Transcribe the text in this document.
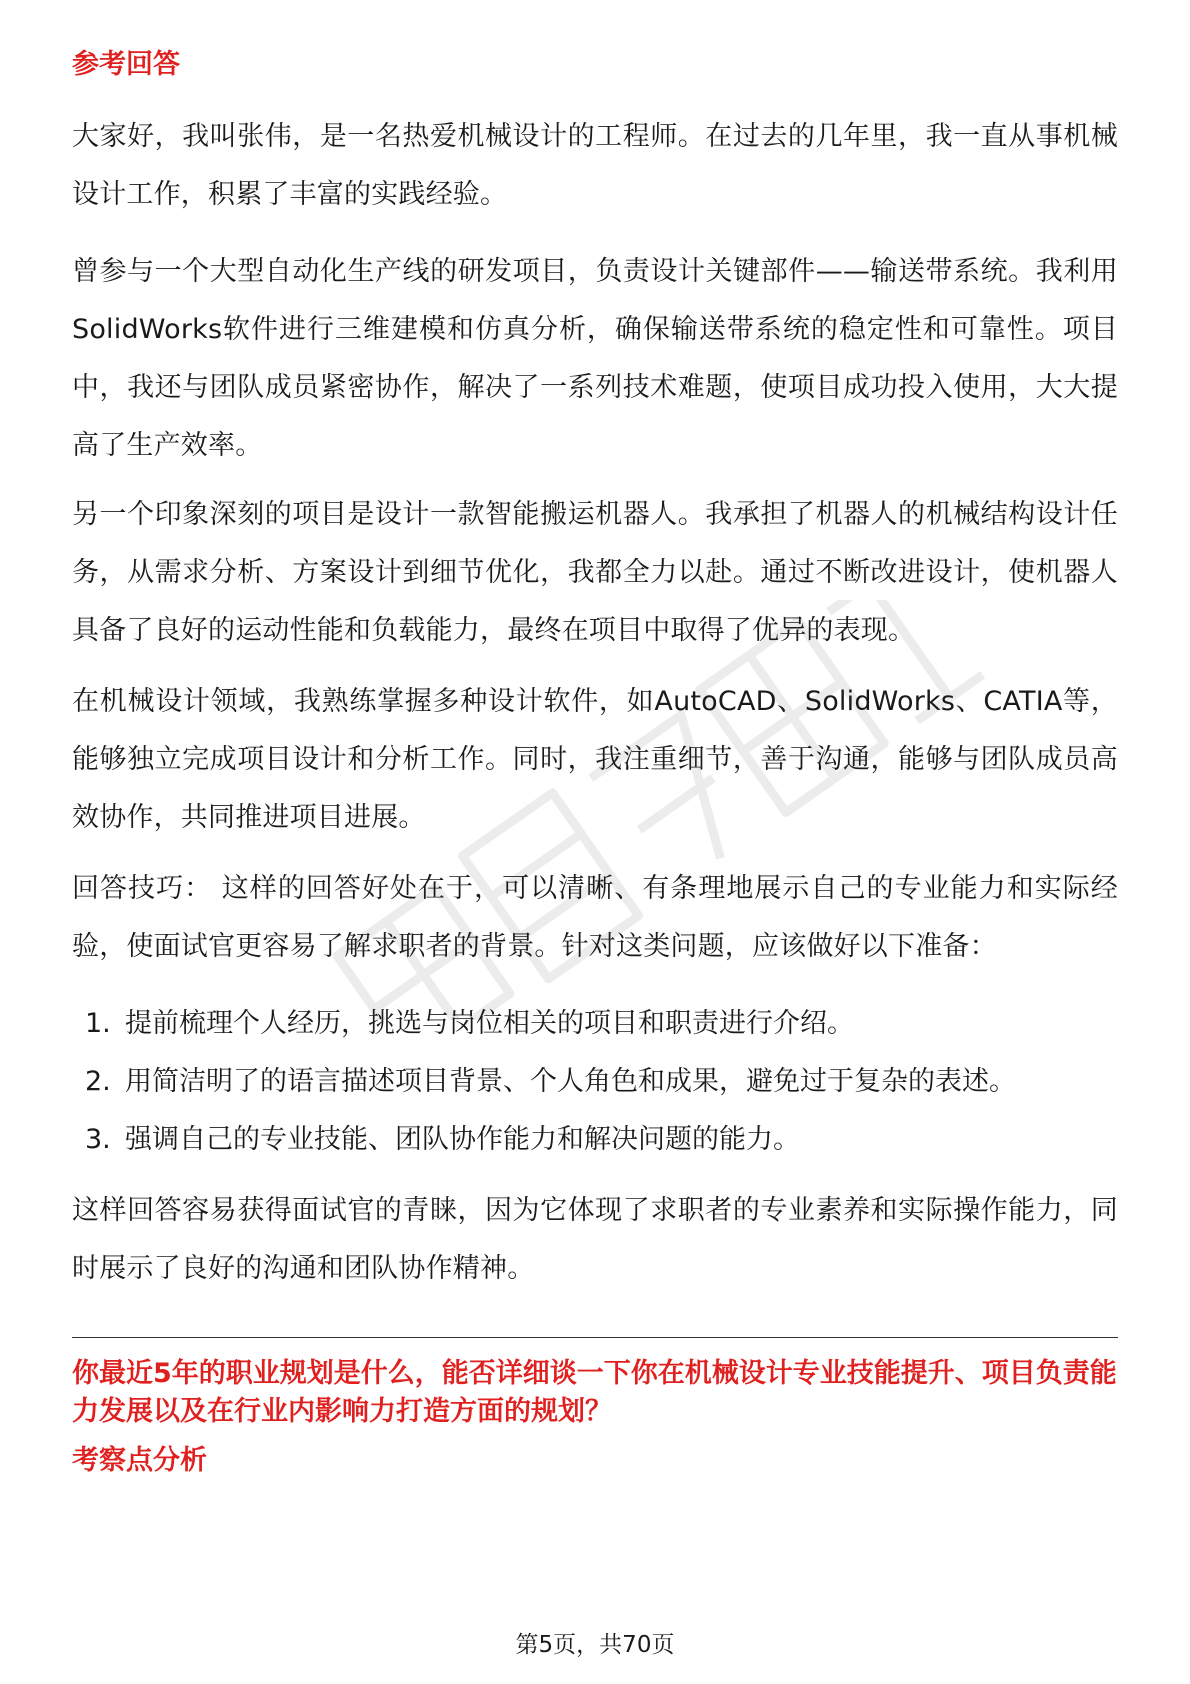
参考回答
大家好，我叫张伟，是一名热爱机械设计的工程师。在过去的几年里，我一直从事机械设计工作，积累了丰富的实践经验。
曾参与一个大型自动化生产线的研发项目，负责设计关键部件——输送带系统。我利用SolidWorks软件进行三维建模和仿真分析，确保输送带系统的稳定性和可靠性。项目中，我还与团队成员紧密协作，解决了一系列技术难题，使项目成功投入使用，大大提高了生产效率。
另一个印象深刻的项目是设计一款智能搬运机器人。我承担了机器人的机械结构设计任务，从需求分析、方案设计到细节优化，我都全力以赴。通过不断改进设计，使机器人具备了良好的运动性能和负载能力，最终在项目中取得了优异的表现。
在机械设计领域，我熟练掌握多种设计软件，如AutoCAD、SolidWorks、CATIA等，能够独立完成项目设计和分析工作。同时，我注重细节，善于沟通，能够与团队成员高效协作，共同推进项目进展。
回答技巧： 这样的回答好处在于，可以清晰、有条理地展示自己的专业能力和实际经验，使面试官更容易了解求职者的背景。针对这类问题，应该做好以下准备：
1. 提前梳理个人经历，挑选与岗位相关的项目和职责进行介绍。
2. 用简洁明了的语言描述项目背景、个人角色和成果，避免过于复杂的表述。
3. 强调自己的专业技能、团队协作能力和解决问题的能力。
这样回答容易获得面试官的青睐，因为它体现了求职者的专业素养和实际操作能力，同时展示了良好的沟通和团队协作精神。
你最近5年的职业规划是什么，能否详细谈一下你在机械设计专业技能提升、项目负责能力发展以及在行业内影响力打造方面的规划？
考察点分析
第5页，共70页
